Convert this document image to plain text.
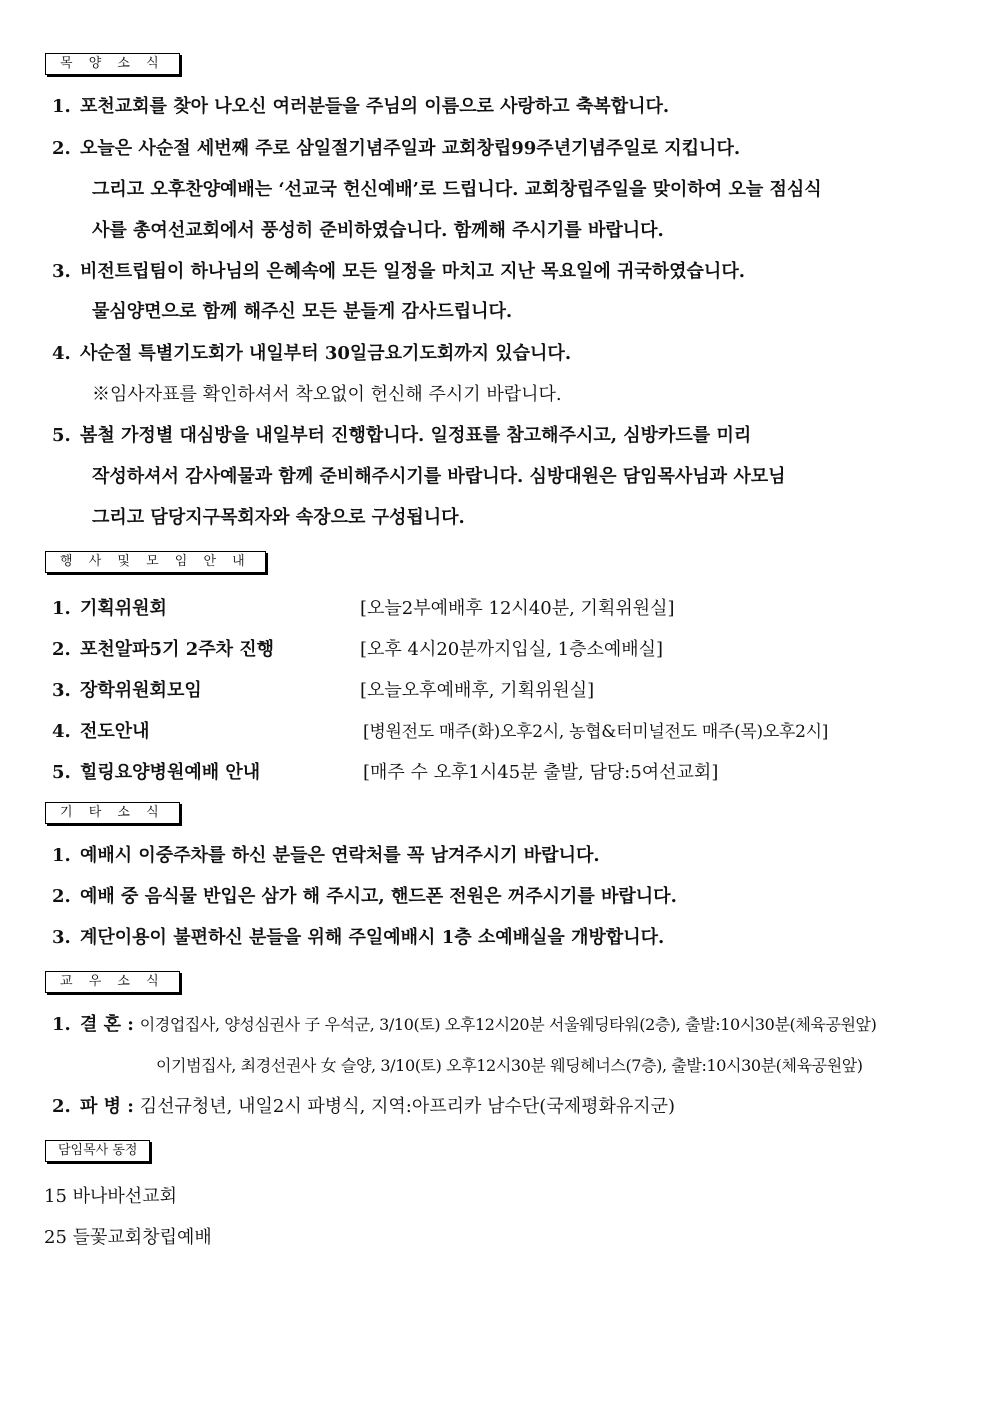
목 양 소 식
1. 포천교회를 찾아 나오신 여러분들을 주님의 이름으로 사랑하고 축복합니다.
2. 오늘은 사순절 세번째 주로 삼일절기념주일과 교회창립99주년기념주일로 지킵니다.
그리고 오후찬양예배는 ‘선교국 헌신예배’로 드립니다. 교회창립주일을 맞이하여 오늘 점심식
사를 총여선교회에서 풍성히 준비하였습니다. 함께해 주시기를 바랍니다.
3. 비전트립팀이 하나님의 은혜속에 모든 일정을 마치고 지난 목요일에 귀국하였습니다.
물심양면으로 함께 해주신 모든 분들게 감사드립니다.
4. 사순절 특별기도회가 내일부터 30일금요기도회까지 있습니다.
※임사자표를 확인하셔서 착오없이 헌신해 주시기 바랍니다.
5. 봄철 가정별 대심방을 내일부터 진행합니다. 일정표를 참고해주시고, 심방카드를 미리
작성하셔서 감사예물과 함께 준비해주시기를 바랍니다. 심방대원은 담임목사님과 사모님
그리고 담당지구목회자와 속장으로 구성됩니다.
행 사 및 모 임 안 내
1. 기획위원회	[오늘2부예배후 12시40분, 기획위원실]
2. 포천알파5기 2주차 진행	[오후 4시20분까지입실, 1층소예배실]
3. 장학위원회모임	[오늘오후예배후, 기획위원실]
4. 전도안내	[병원전도 매주(화)오후2시, 농협&터미널전도 매주(목)오후2시]
5. 힐링요양병원예배 안내	[매주 수 오후1시45분 출발, 담당:5여선교회]
기 타 소 식
1. 예배시 이중주차를 하신 분들은 연락처를 꼭 남겨주시기 바랍니다.
2. 예배 중 음식물 반입은 삼가 해 주시고, 핸드폰 전원은 꺼주시기를 바랍니다.
3. 계단이용이 불편하신 분들을 위해 주일예배시 1층 소예배실을 개방합니다.
교 우 소 식
1. 결 혼 : 이경업집사, 양성심권사 子 우석군, 3/10(토) 오후12시20분 서울웨딩타워(2층), 출발:10시30분(체육공원앞)
이기범집사, 최경선권사 女 슬양, 3/10(토) 오후12시30분 웨딩헤너스(7층), 출발:10시30분(체육공원앞)
2. 파 병 : 김선규청년, 내일2시 파병식, 지역:아프리카 남수단(국제평화유지군)
담임목사 동정
15 바나바선교회
25 들꽃교회창립예배
